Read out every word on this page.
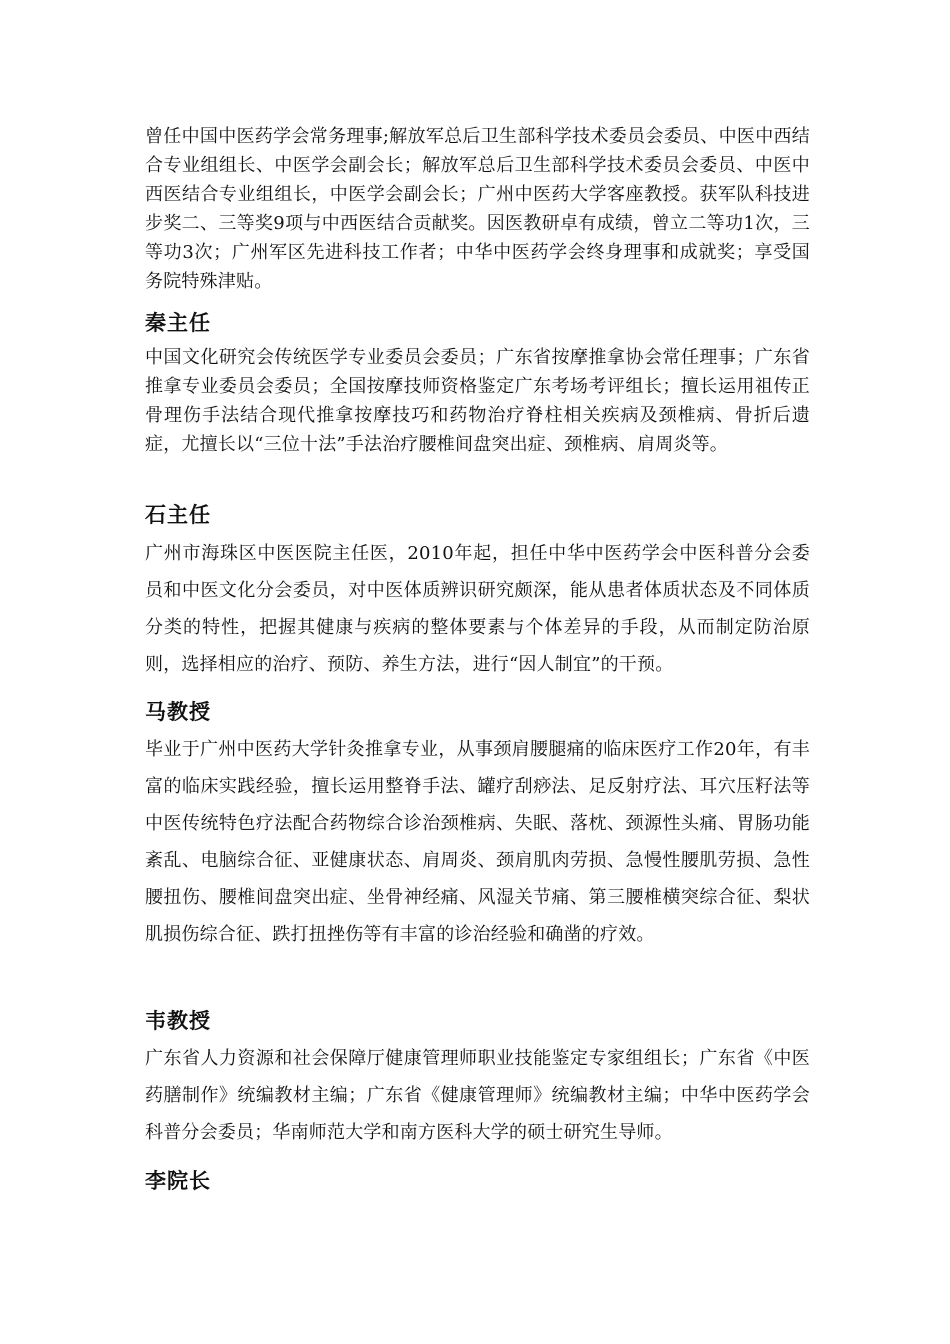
曾任中国中医药学会常务理事;解放军总后卫生部科学技术委员会委员、中医中西结合专业组组长、中医学会副会长；解放军总后卫生部科学技术委员会委员、中医中西医结合专业组组长，中医学会副会长；广州中医药大学客座教授。获军队科技进步奖二、三等奖9项与中西医结合贡献奖。因医教研卓有成绩，曾立二等功1次，三等功3次；广州军区先进科技工作者；中华中医药学会终身理事和成就奖；享受国务院特殊津贴。

秦主任

中国文化研究会传统医学专业委员会委员；广东省按摩推拿协会常任理事；广东省推拿专业委员会委员；全国按摩技师资格鉴定广东考场考评组长；擅长运用祖传正骨理伤手法结合现代推拿按摩技巧和药物治疗脊柱相关疾病及颈椎病、骨折后遗症，尤擅长以“三位十法”手法治疗腰椎间盘突出症、颈椎病、肩周炎等。

石主任

广州市海珠区中医医院主任医，2010年起，担任中华中医药学会中医科普分会委员和中医文化分会委员，对中医体质辨识研究颇深，能从患者体质状态及不同体质分类的特性，把握其健康与疾病的整体要素与个体差异的手段，从而制定防治原则，选择相应的治疗、预防、养生方法，进行“因人制宜”的干预。

马教授

毕业于广州中医药大学针灸推拿专业，从事颈肩腰腿痛的临床医疗工作20年，有丰富的临床实践经验，擅长运用整脊手法、罐疗刮痧法、足反射疗法、耳穴压籽法等中医传统特色疗法配合药物综合诊治颈椎病、失眠、落枕、颈源性头痛、胃肠功能紊乱、电脑综合征、亚健康状态、肩周炎、颈肩肌肉劳损、急慢性腰肌劳损、急性腰扭伤、腰椎间盘突出症、坐骨神经痛、风湿关节痛、第三腰椎横突综合征、梨状肌损伤综合征、跌打扭挫伤等有丰富的诊治经验和确凿的疗效。

韦教授

广东省人力资源和社会保障厅健康管理师职业技能鉴定专家组组长；广东省《中医药膳制作》统编教材主编；广东省《健康管理师》统编教材主编；中华中医药学会科普分会委员；华南师范大学和南方医科大学的硕士研究生导师。

李院长
